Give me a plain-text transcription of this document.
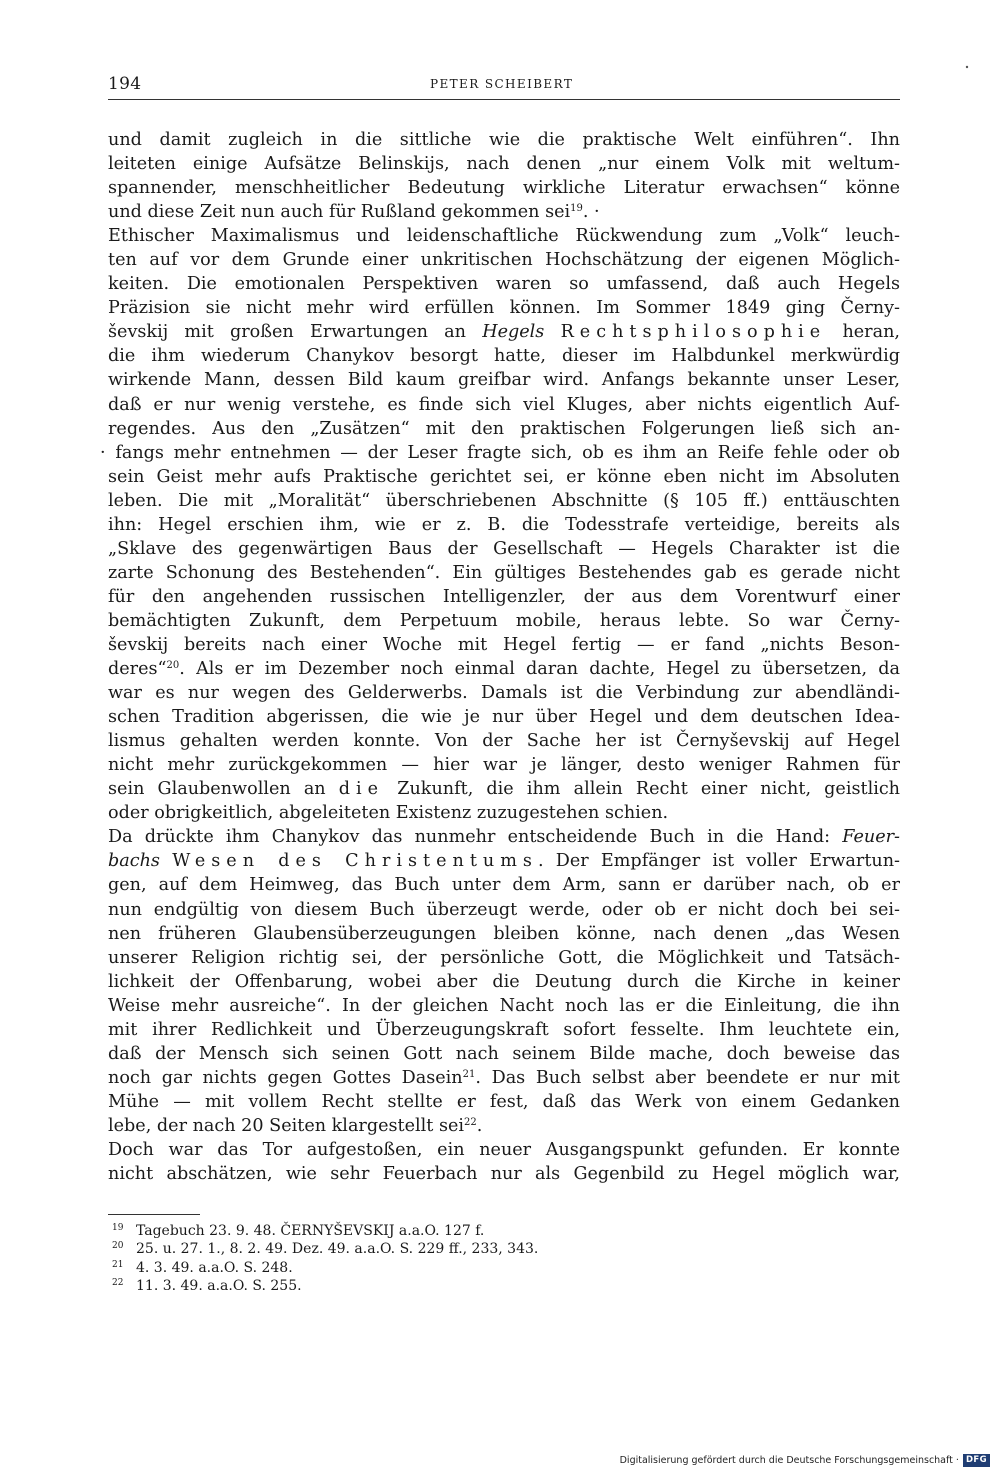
194	PETER SCHEIBERT
und damit zugleich in die sittliche wie die praktische Welt einführen“. Ihn
leiteten einige Aufsätze Belinskijs, nach denen „nur einem Volk mit weltum-
spannender, menschheitlicher Bedeutung wirkliche Literatur erwachsen“ könne
und diese Zeit nun auch für Rußland gekommen sei$^{19}$. ·
Ethischer Maximalismus und leidenschaftliche Rückwendung zum „Volk“ leuch-
ten auf vor dem Grunde einer unkritischen Hochschätzung der eigenen Möglich-
keiten. Die emotionalen Perspektiven waren so umfassend, daß auch Hegels
Präzision sie nicht mehr wird erfüllen können. Im Sommer 1849 ging Černy-
ševskij mit großen Erwartungen an Hegels Rechtsphilosophie heran,
die ihm wiederum Chanykov besorgt hatte, dieser im Halbdunkel merkwürdig
wirkende Mann, dessen Bild kaum greifbar wird. Anfangs bekannte unser Leser,
daß er nur wenig verstehe, es finde sich viel Kluges, aber nichts eigentlich Auf-
regendes. Aus den „Zusätzen“ mit den praktischen Folgerungen ließ sich an-
· fangs mehr entnehmen — der Leser fragte sich, ob es ihm an Reife fehle oder ob
sein Geist mehr aufs Praktische gerichtet sei, er könne eben nicht im Absoluten
leben. Die mit „Moralität“ überschriebenen Abschnitte (§ 105 ff.) enttäuschten
ihn: Hegel erschien ihm, wie er z. B. die Todesstrafe verteidige, bereits als
„Sklave des gegenwärtigen Baus der Gesellschaft — Hegels Charakter ist die
zarte Schonung des Bestehenden“. Ein gültiges Bestehendes gab es gerade nicht
für den angehenden russischen Intelligenzler, der aus dem Vorentwurf einer
bemächtigten Zukunft, dem Perpetuum mobile, heraus lebte. So war Černy-
ševskij bereits nach einer Woche mit Hegel fertig — er fand „nichts Beson-
deres“$^{20}$. Als er im Dezember noch einmal daran dachte, Hegel zu übersetzen, da
war es nur wegen des Gelderwerbs. Damals ist die Verbindung zur abendländi-
schen Tradition abgerissen, die wie je nur über Hegel und dem deutschen Idea-
lismus gehalten werden konnte. Von der Sache her ist Černyševskij auf Hegel
nicht mehr zurückgekommen — hier war je länger, desto weniger Rahmen für
sein Glaubenwollen an die Zukunft, die ihm allein Recht einer nicht, geistlich
oder obrigkeitlich, abgeleiteten Existenz zuzugestehen schien.
Da drückte ihm Chanykov das nunmehr entscheidende Buch in die Hand: Feuer-
bachs Wesen des Christentums. Der Empfänger ist voller Erwartun-
gen, auf dem Heimweg, das Buch unter dem Arm, sann er darüber nach, ob er
nun endgültig von diesem Buch überzeugt werde, oder ob er nicht doch bei sei-
nen früheren Glaubensüberzeugungen bleiben könne, nach denen „das Wesen
unserer Religion richtig sei, der persönliche Gott, die Möglichkeit und Tatsäch-
lichkeit der Offenbarung, wobei aber die Deutung durch die Kirche in keiner
Weise mehr ausreiche“. In der gleichen Nacht noch las er die Einleitung, die ihn
mit ihrer Redlichkeit und Überzeugungskraft sofort fesselte. Ihm leuchtete ein,
daß der Mensch sich seinen Gott nach seinem Bilde mache, doch beweise das
noch gar nichts gegen Gottes Dasein$^{21}$. Das Buch selbst aber beendete er nur mit
Mühe — mit vollem Recht stellte er fest, daß das Werk von einem Gedanken
lebe, der nach 20 Seiten klargestellt sei$^{22}$.
Doch war das Tor aufgestoßen, ein neuer Ausgangspunkt gefunden. Er konnte
nicht abschätzen, wie sehr Feuerbach nur als Gegenbild zu Hegel möglich war,
19 Tagebuch 23. 9. 48. ČERNYŠEVSKIJ a.a.O. 127 f.
20 25. u. 27. 1., 8. 2. 49. Dez. 49. a.a.O. S. 229 ff., 233, 343.
21 4. 3. 49. a.a.O. S. 248.
22 11. 3. 49. a.a.O. S. 255.
Digitalisierung gefördert durch die Deutsche Forschungsgemeinschaft · DFG
